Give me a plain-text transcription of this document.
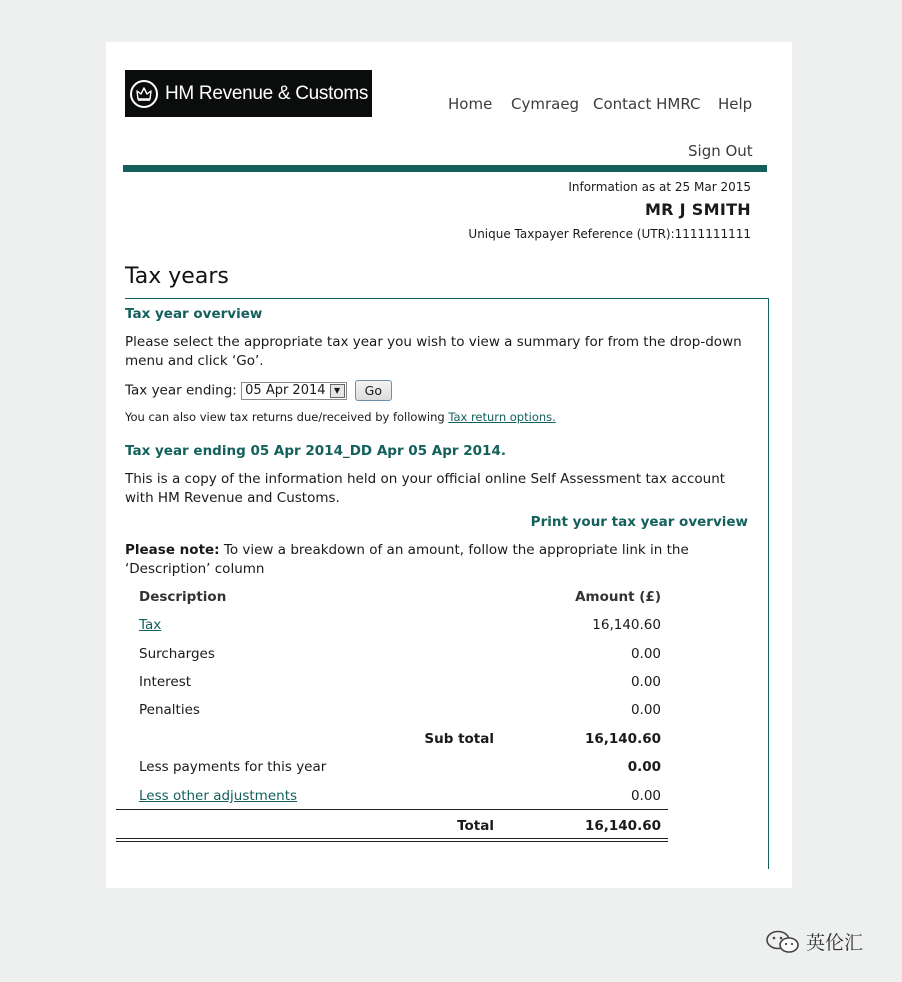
HM Revenue & Customs
Home Cymraeg Contact HMRC Help
Sign Out
Information as at 25 Mar 2015
MR J SMITH
Unique Taxpayer Reference (UTR):1111111111
Tax years
Tax year overview
Please select the appropriate tax year you wish to view a summary for from the drop-down menu and click ‘Go’.
Tax year ending: 05 Apr 2014	▼	Go
You can also view tax returns due/received by following Tax return options.
Tax year ending 05 Apr 2014_DD Apr 05 Apr 2014.
This is a copy of the information held on your official online Self Assessment tax account with HM Revenue and Customs.
Print your tax year overview
Please note: To view a breakdown of an amount, follow the appropriate link in the ‘Description’ column
Description	Amount (£)
Tax	16,140.60
Surcharges	0.00
Interest	0.00
Penalties	0.00
Sub total	16,140.60
Less payments for this year	0.00
Less other adjustments	0.00
Total	16,140.60
英伦汇
